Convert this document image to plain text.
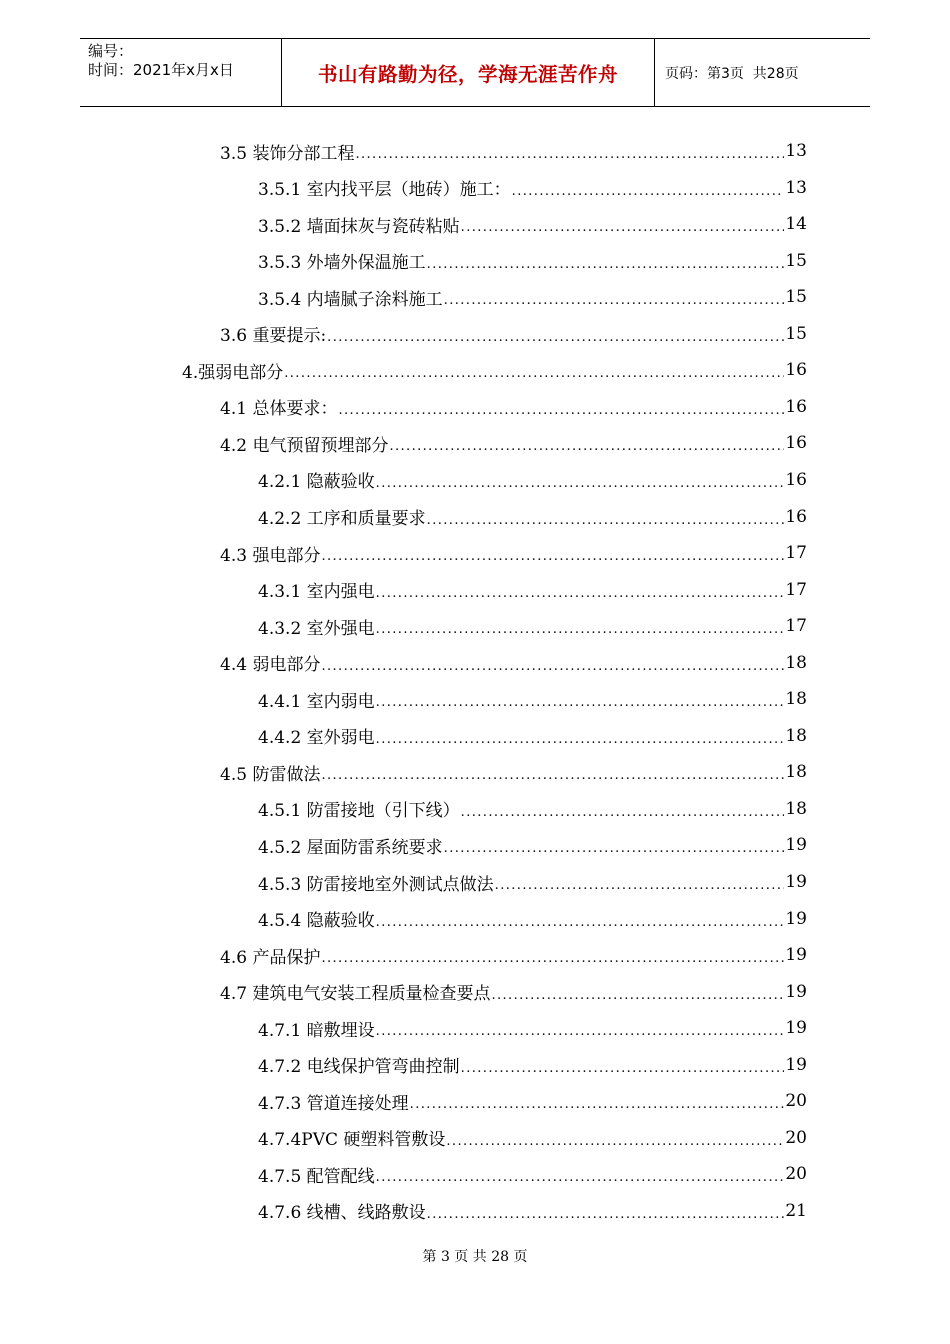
编号：
时间：2021年x月x日	书山有路勤为径，学海无涯苦作舟	页码：第3页  共28页
3.5 装饰分部工程 .....	13
3.5.1 室内找平层（地砖）施工： .....	13
3.5.2 墙面抹灰与瓷砖粘贴 .....	14
3.5.3 外墙外保温施工 .....	15
3.5.4 内墙腻子涂料施工 .....	15
3.6 重要提示: .....	15
4.强弱电部分 .....	16
4.1 总体要求： .....	16
4.2 电气预留预埋部分 .....	16
4.2.1 隐蔽验收 .....	16
4.2.2 工序和质量要求 .....	16
4.3 强电部分 .....	17
4.3.1 室内强电 .....	17
4.3.2 室外强电 .....	17
4.4 弱电部分 .....	18
4.4.1 室内弱电 .....	18
4.4.2 室外弱电 .....	18
4.5 防雷做法 .....	18
4.5.1 防雷接地（引下线） .....	18
4.5.2 屋面防雷系统要求 .....	19
4.5.3 防雷接地室外测试点做法 .....	19
4.5.4 隐蔽验收 .....	19
4.6 产品保护 .....	19
4.7 建筑电气安装工程质量检查要点 .....	19
4.7.1 暗敷埋设 .....	19
4.7.2 电线保护管弯曲控制 .....	19
4.7.3 管道连接处理 .....	20
4.7.4PVC 硬塑料管敷设 .....	20
4.7.5 配管配线 .....	20
4.7.6 线槽、线路敷设 .....	21
第 3 页 共 28 页
